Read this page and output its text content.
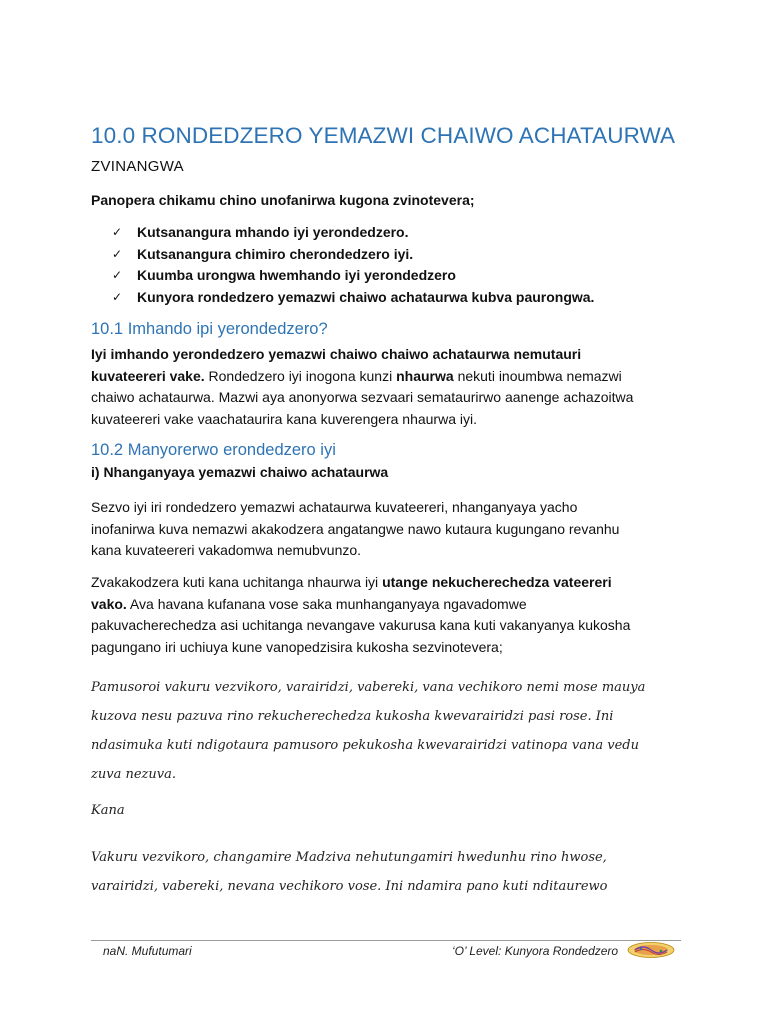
10.0 RONDEDZERO YEMAZWI CHAIWO ACHATAURWA
ZVINANGWA

Panopera chikamu chino unofanirwa kugona zvinotevera;

✓ Kutsanangura mhando iyi yerondedzero.
✓ Kutsanangura chimiro cherondedzero iyi.
✓ Kuumba urongwa hwemhando iyi yerondedzero
✓ Kunyora rondedzero yemazwi chaiwo achataurwa kubva paurongwa.
10.1 Imhando ipi yerondedzero?
Iyi imhando yerondedzero yemazwi chaiwo chaiwo achataurwa nemutauri
kuvateereri vake. Rondedzero iyi inogona kunzi nhaurwa nekuti inoumbwa nemazwi
chaiwo achataurwa. Mazwi aya anonyorwa sezvaari semataurirwo aanenge achazoitwa
kuvateereri vake vaachataurira kana kuverengera nhaurwa iyi.
10.2 Manyorerwo erondedzero iyi
i) Nhanganyaya yemazwi chaiwo achataurwa
Sezvo iyi iri rondedzero yemazwi achataurwa kuvateereri, nhanganyaya yacho
inofanirwa kuva nemazwi akakodzera angatangwe nawo kutaura kugungano revanhu
kana kuvateereri vakadomwa nemubvunzo.
Zvakakodzera kuti kana uchitanga nhaurwa iyi utange nekucherechedza vateereri
vako. Ava havana kufanana vose saka munhanganyaya ngavadomwe
pakuvacherechedza asi uchitanga nevangave vakurusa kana kuti vakanyanya kukosha
pagungano iri uchiuya kune vanopedzisira kukosha sezvinotevera;
Pamusoroi vakuru vezvikoro, varairidzi, vabereki, vana vechikoro nemi mose mauya
kuzova nesu pazuva rino rekucherechedza kukosha kwevarairidzi pasi rose. Ini
ndasimuka kuti ndigotaura pamusoro pekukosha kwevarairidzi vatinopa vana vedu
zuva nezuva.
Kana
Vakuru vezvikoro, changamire Madziva nehutungamiri hwedunhu rino hwose,
varairidzi, vabereki, nevana vechikoro vose. Ini ndamira pano kuti nditaurewo
naN. Mufutumari	‘O’ Level: Kunyora Rondedzero
